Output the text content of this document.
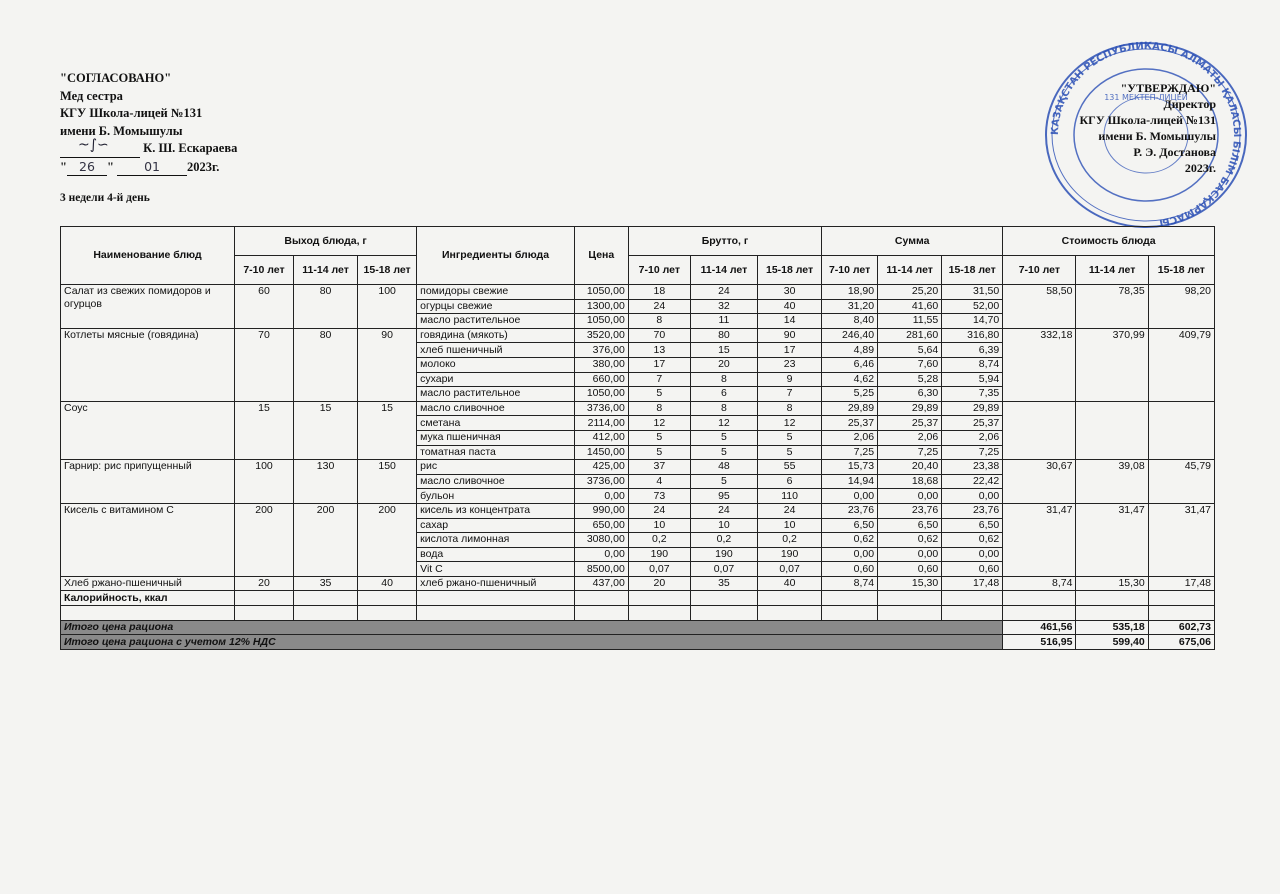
"СОГЛАСОВАНО"
Мед сестра
КГУ Школа-лицей №131
имени Б. Момышулы
~∫∽	К. Ш. Ескараева
" 26 " 01 2023г.
3 недели 4-й день
КАЗАҚСТАН РЕСПУБЛИКАСЫ АЛМАТЫ ҚАЛАСЫ БІЛІМ БАСҚАРМАСЫ
131 МЕКТЕП-ЛИЦЕЙ
"УТВЕРЖДАЮ"
Директор
КГУ Школа-лицей №131
имени Б. Момышулы
Р. Э. Достанова
2023г.
Наименование блюд	Выход блюда, г			Ингредиенты блюда	Цена	Брутто, г			Сумма			Стоимость блюда		
	7-10 лет	11-14 лет	15-18 лет			7-10 лет	11-14 лет	15-18 лет	7-10 лет	11-14 лет	15-18 лет	7-10 лет	11-14 лет	15-18 лет
Салат из свежих помидоров и огурцов	60	80	100	помидоры свежие	1050,00	18	24	30	18,90	25,20	31,50	58,50	78,35	98,20
				огурцы свежие	1300,00	24	32	40	31,20	41,60	52,00			
				масло растительное	1050,00	8	11	14	8,40	11,55	14,70			
Котлеты мясные (говядина)	70	80	90	говядина (мякоть)	3520,00	70	80	90	246,40	281,60	316,80	332,18	370,99	409,79
				хлеб пшеничный	376,00	13	15	17	4,89	5,64	6,39			
				молоко	380,00	17	20	23	6,46	7,60	8,74			
				сухари	660,00	7	8	9	4,62	5,28	5,94			
				масло растительное	1050,00	5	6	7	5,25	6,30	7,35			
Соус	15	15	15	масло сливочное	3736,00	8	8	8	29,89	29,89	29,89			
				сметана	2114,00	12	12	12	25,37	25,37	25,37			
				мука пшеничная	412,00	5	5	5	2,06	2,06	2,06			
				томатная паста	1450,00	5	5	5	7,25	7,25	7,25			
Гарнир: рис припущенный	100	130	150	рис	425,00	37	48	55	15,73	20,40	23,38	30,67	39,08	45,79
				масло сливочное	3736,00	4	5	6	14,94	18,68	22,42			
				бульон	0,00	73	95	110	0,00	0,00	0,00			
Кисель с витамином С	200	200	200	кисель из концентрата	990,00	24	24	24	23,76	23,76	23,76	31,47	31,47	31,47
				сахар	650,00	10	10	10	6,50	6,50	6,50			
				кислота лимонная	3080,00	0,2	0,2	0,2	0,62	0,62	0,62			
				вода	0,00	190	190	190	0,00	0,00	0,00			
				Vit C	8500,00	0,07	0,07	0,07	0,60	0,60	0,60			
Хлеб ржано-пшеничный	20	35	40	хлеб ржано-пшеничный	437,00	20	35	40	8,74	15,30	17,48	8,74	15,30	17,48
Калорийность, ккал														

Итого цена рациона												461,56	535,18	602,73
Итого цена рациона с учетом 12% НДС												516,95	599,40	675,06
